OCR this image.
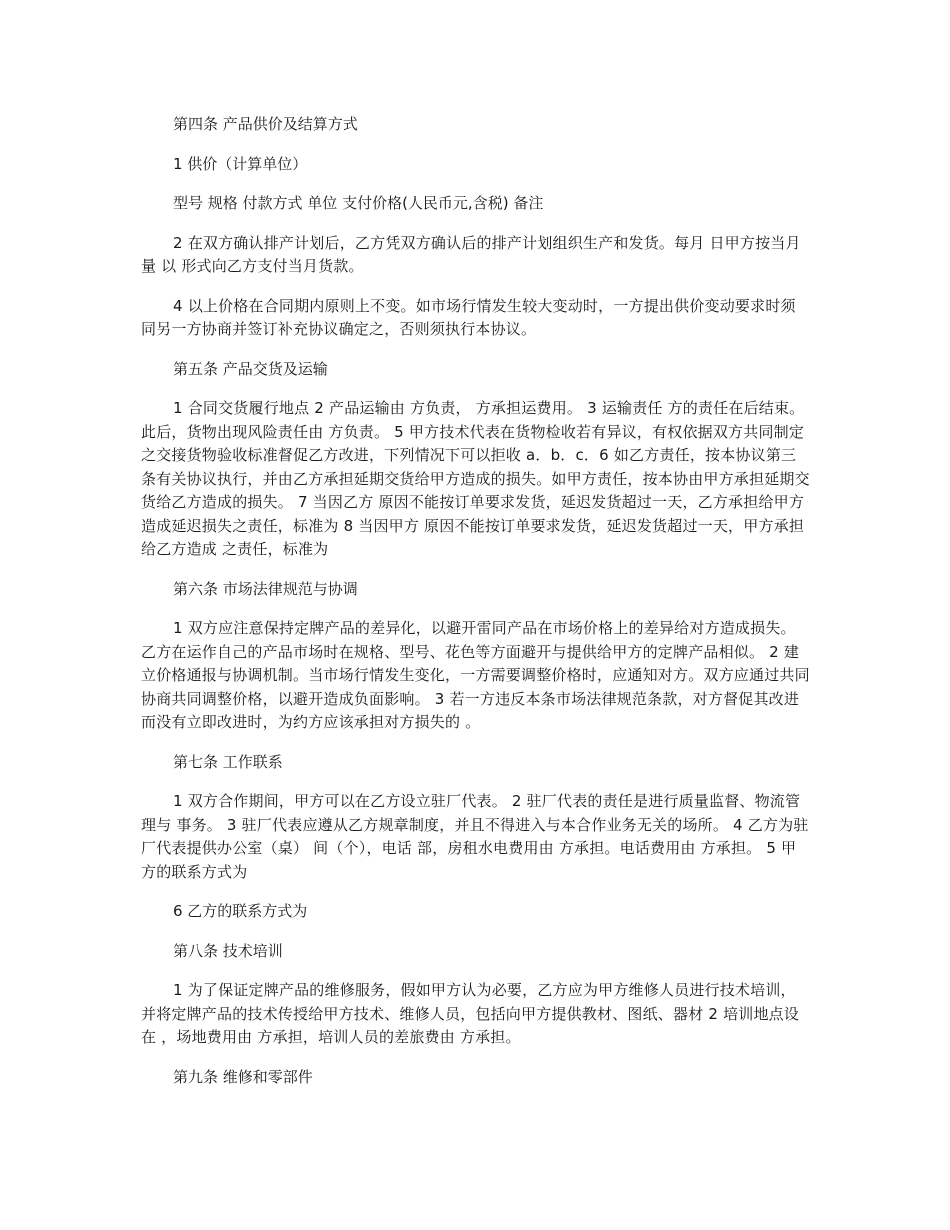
第四条 产品供价及结算方式
1 供价（计算单位）
型号 规格 付款方式 单位 支付价格(人民币元,含税) 备注

2 在双方确认排产计划后，乙方凭双方确认后的排产计划组织生产和发货。每月 日甲方按当月 量 以 形式向乙方支付当月货款。

4 以上价格在合同期内原则上不变。如市场行情发生较大变动时，一方提出供价变动要求时须同另一方协商并签订补充协议确定之，否则须执行本协议。

第五条 产品交货及运输

1 合同交货履行地点 2 产品运输由 方负责， 方承担运费用。 3 运输责任 方的责任在后结束。此后，货物出现风险责任由 方负责。 5 甲方技术代表在货物检收若有异议，有权依据双方共同制定之交接货物验收标准督促乙方改进，下列情况下可以拒收 a．b．c．6 如乙方责任，按本协议第三条有关协议执行，并由乙方承担延期交货给甲方造成的损失。如甲方责任，按本协由甲方承担延期交货给乙方造成的损失。 7 当因乙方 原因不能按订单要求发货，延迟发货超过一天，乙方承担给甲方造成延迟损失之责任，标准为 8 当因甲方 原因不能按订单要求发货，延迟发货超过一天，甲方承担给乙方造成 之责任，标准为

第六条 市场法律规范与协调

1 双方应注意保持定牌产品的差异化，以避开雷同产品在市场价格上的差异给对方造成损失。乙方在运作自己的产品市场时在规格、型号、花色等方面避开与提供给甲方的定牌产品相似。 2 建立价格通报与协调机制。当市场行情发生变化，一方需要调整价格时，应通知对方。双方应通过共同协商共同调整价格，以避开造成负面影响。 3 若一方违反本条市场法律规范条款，对方督促其改进而没有立即改进时，为约方应该承担对方损失的 。

第七条 工作联系

1 双方合作期间，甲方可以在乙方设立驻厂代表。 2 驻厂代表的责任是进行质量监督、物流管理与 事务。 3 驻厂代表应遵从乙方规章制度，并且不得进入与本合作业务无关的场所。 4 乙方为驻厂代表提供办公室（桌） 间（个），电话 部，房租水电费用由 方承担。电话费用由 方承担。 5 甲方的联系方式为

6 乙方的联系方式为
第八条 技术培训

1 为了保证定牌产品的维修服务，假如甲方认为必要，乙方应为甲方维修人员进行技术培训，并将定牌产品的技术传授给甲方技术、维修人员，包括向甲方提供教材、图纸、器材 2 培训地点设在 ，场地费用由 方承担，培训人员的差旅费由 方承担。

第九条 维修和零部件
